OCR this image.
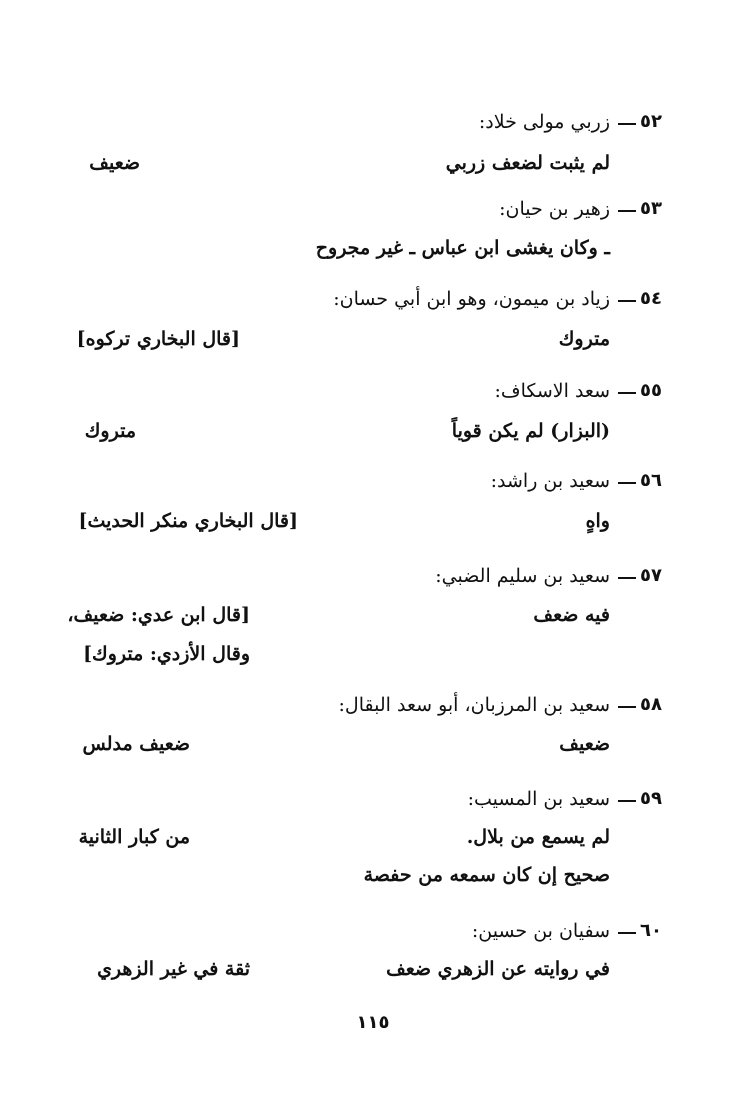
٥٢
زربي مولى خلاد:
لم يثبت لضعف زربي
ضعيف
٥٣
زهير بن حيان:
ـ وكان يغشى ابن عباس ـ غير مجروح
٥٤
زياد بن ميمون، وهو ابن أبي حسان:
متروك
[قال البخاري تركوه]
٥٥
سعد الاسكاف:
(البزار) لم يكن قوياً
متروك
٥٦
سعيد بن راشد:
واهٍ
[قال البخاري منكر الحديث]
٥٧
سعيد بن سليم الضبي:
فيه ضعف
[قال ابن عدي: ضعيف،
وقال الأزدي: متروك]
٥٨
سعيد بن المرزبان، أبو سعد البقال:
ضعيف
ضعيف مدلس
٥٩
سعيد بن المسيب:
لم يسمع من بلال.
من كبار الثانية
صحيح إن كان سمعه من حفصة
٦٠
سفيان بن حسين:
في روايته عن الزهري ضعف
ثقة في غير الزهري
١١٥
